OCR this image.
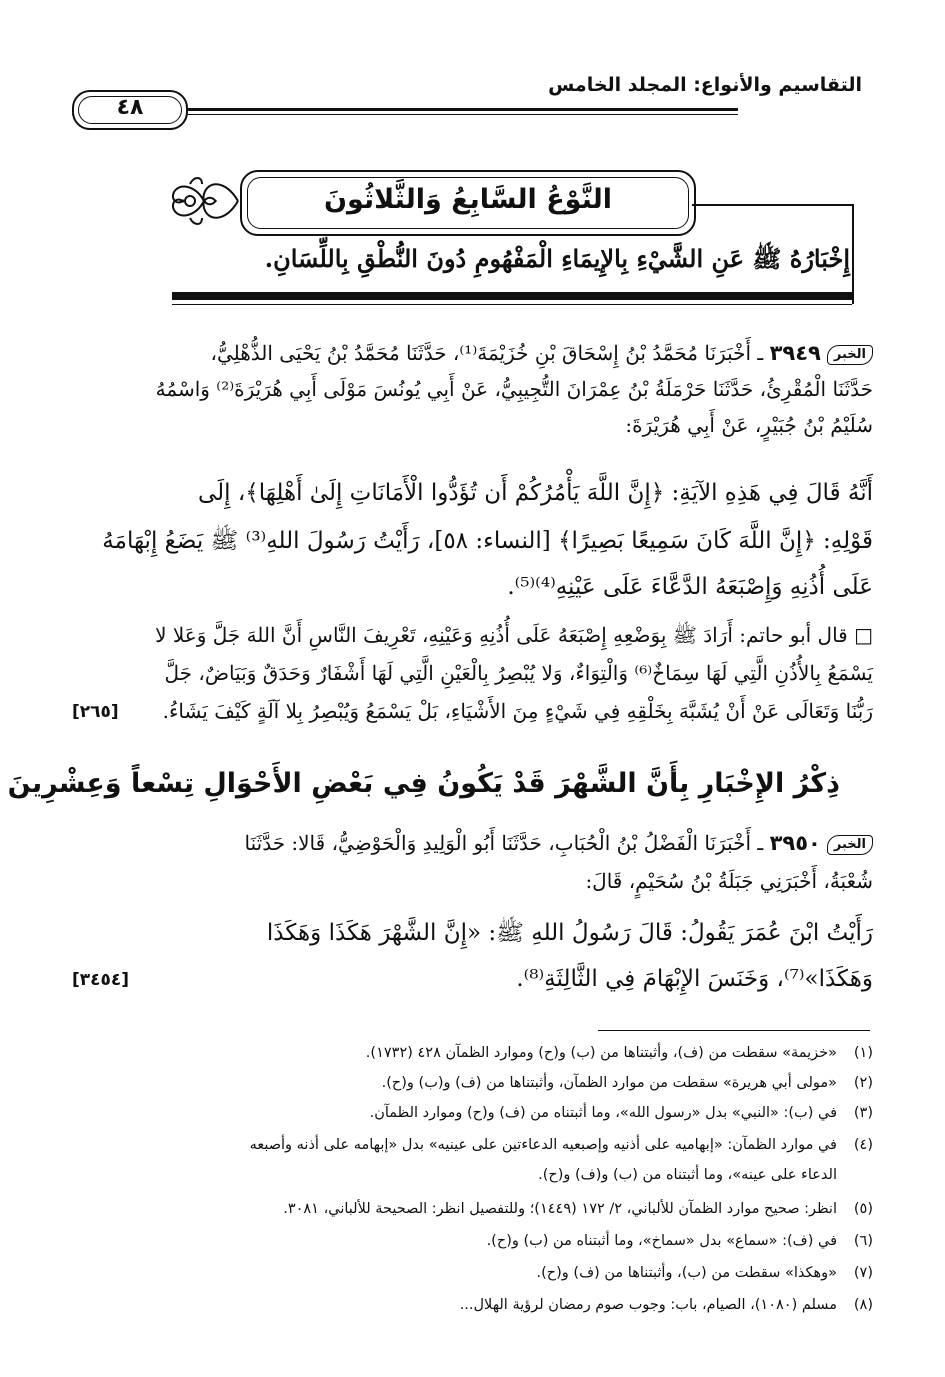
التقاسيم والأنواع: المجلد الخامس
٤٨
النَّوْعُ السَّابِعُ وَالثَّلاثُونَ
إِخْبَارُهُ ﷺ عَنِ الشَّيْءِ بِالإِيمَاءِ الْمَفْهُومِ دُونَ النُّطْقِ بِاللِّسَانِ.
الخبر٣٩٤٩ ـ أَخْبَرَنَا مُحَمَّدُ بْنُ إِسْحَاقَ بْنِ خُزَيْمَةَ⁽¹⁾، حَدَّثَنَا مُحَمَّدُ بْنُ يَحْيَى الذُّهْلِيُّ،
حَدَّثَنَا الْمُقْرِئُ، حَدَّثَنَا حَرْمَلَةُ بْنُ عِمْرَانَ التُّجِيبِيُّ، عَنْ أَبِي يُونُسَ مَوْلَى أَبِي هُرَيْرَةَ⁽²⁾ وَاسْمُهُ
سُلَيْمُ بْنُ جُبَيْرٍ، عَنْ أَبِي هُرَيْرَةَ:
أَنَّهُ قَالَ فِي هَذِهِ الآيَةِ: ﴿إِنَّ اللَّهَ يَأْمُرُكُمْ أَن تُؤَدُّوا الْأَمَانَاتِ إِلَىٰ أَهْلِهَا﴾، إِلَى
قَوْلِهِ: ﴿إِنَّ اللَّهَ كَانَ سَمِيعًا بَصِيرًا﴾ [النساء: ٥٨]، رَأَيْتُ رَسُولَ اللهِ⁽³⁾ ﷺ يَضَعُ إِبْهَامَهُ
عَلَى أُذُنِهِ وَإِصْبَعَهُ الدَّعَّاءَ عَلَى عَيْنِهِ⁽⁴⁾⁽⁵⁾.
□ قال أبو حاتم: أَرَادَ ﷺ بِوَضْعِهِ إِصْبَعَهُ عَلَى أُذُنِهِ وَعَيْنِهِ، تَعْرِيفَ النَّاسِ أَنَّ اللهَ جَلَّ وَعَلا لا
يَسْمَعُ بِالأُذُنِ الَّتِي لَهَا سِمَاخٌ⁽⁶⁾ وَالْتِوَاءٌ، وَلا يُبْصِرُ بِالْعَيْنِ الَّتِي لَهَا أَشْفَارٌ وَحَدَقٌ وَبَيَاضٌ، جَلَّ
رَبُّنَا وَتَعَالَى عَنْ أَنْ يُشَبَّهَ بِخَلْقِهِ فِي شَيْءٍ مِنَ الأَشْيَاءِ، بَلْ يَسْمَعُ وَيُبْصِرُ بِلا آلَةٍ كَيْفَ يَشَاءُ.
[٢٦٥]
ذِكْرُ الإِخْبَارِ بِأَنَّ الشَّهْرَ قَدْ يَكُونُ فِي بَعْضِ الأَحْوَالِ تِسْعاً وَعِشْرِينَ
الخبر٣٩٥٠ ـ أَخْبَرَنَا الْفَضْلُ بْنُ الْحُبَابِ، حَدَّثَنَا أَبُو الْوَلِيدِ وَالْحَوْضِيُّ، قَالا: حَدَّثَنَا
شُعْبَةُ، أَخْبَرَنِي جَبَلَةُ بْنُ سُحَيْمٍ، قَالَ:
رَأَيْتُ ابْنَ عُمَرَ يَقُولُ: قَالَ رَسُولُ اللهِ ﷺ: «إِنَّ الشَّهْرَ هَكَذَا وَهَكَذَا
وَهَكَذَا»⁽⁷⁾، وَخَنَسَ الإِبْهَامَ فِي الثَّالِثَةِ⁽⁸⁾.
[٣٤٥٤]
(١)«خزيمة» سقطت من (ف)، وأثبتناها من (ب) و(ح) وموارد الظمآن ٤٢٨ (١٧٣٢).
(٢)«مولى أبي هريرة» سقطت من موارد الظمآن، وأثبتناها من (ف) و(ب) و(ح).
(٣)في (ب): «النبي» بدل «رسول الله»، وما أثبتناه من (ف) و(ح) وموارد الظمآن.
(٤)في موارد الظمآن: «إبهاميه على أذنيه وإصبعيه الدعاءتين على عينيه» بدل «إبهامه على أذنه وأصبعه
الدعاء على عينه»، وما أثبتناه من (ب) و(ف) و(ح).
(٥)انظر: صحيح موارد الظمآن للألباني، ٢/ ١٧٢ (١٤٤٩)؛ وللتفصيل انظر: الصحيحة للألباني، ٣٠٨١.
(٦)في (ف): «سماع» بدل «سماخ»، وما أثبتناه من (ب) و(ح).
(٧)«وهكذا» سقطت من (ب)، وأثبتناها من (ف) و(ح).
(٨)مسلم (١٠٨٠)، الصيام، باب: وجوب صوم رمضان لرؤية الهلال...
